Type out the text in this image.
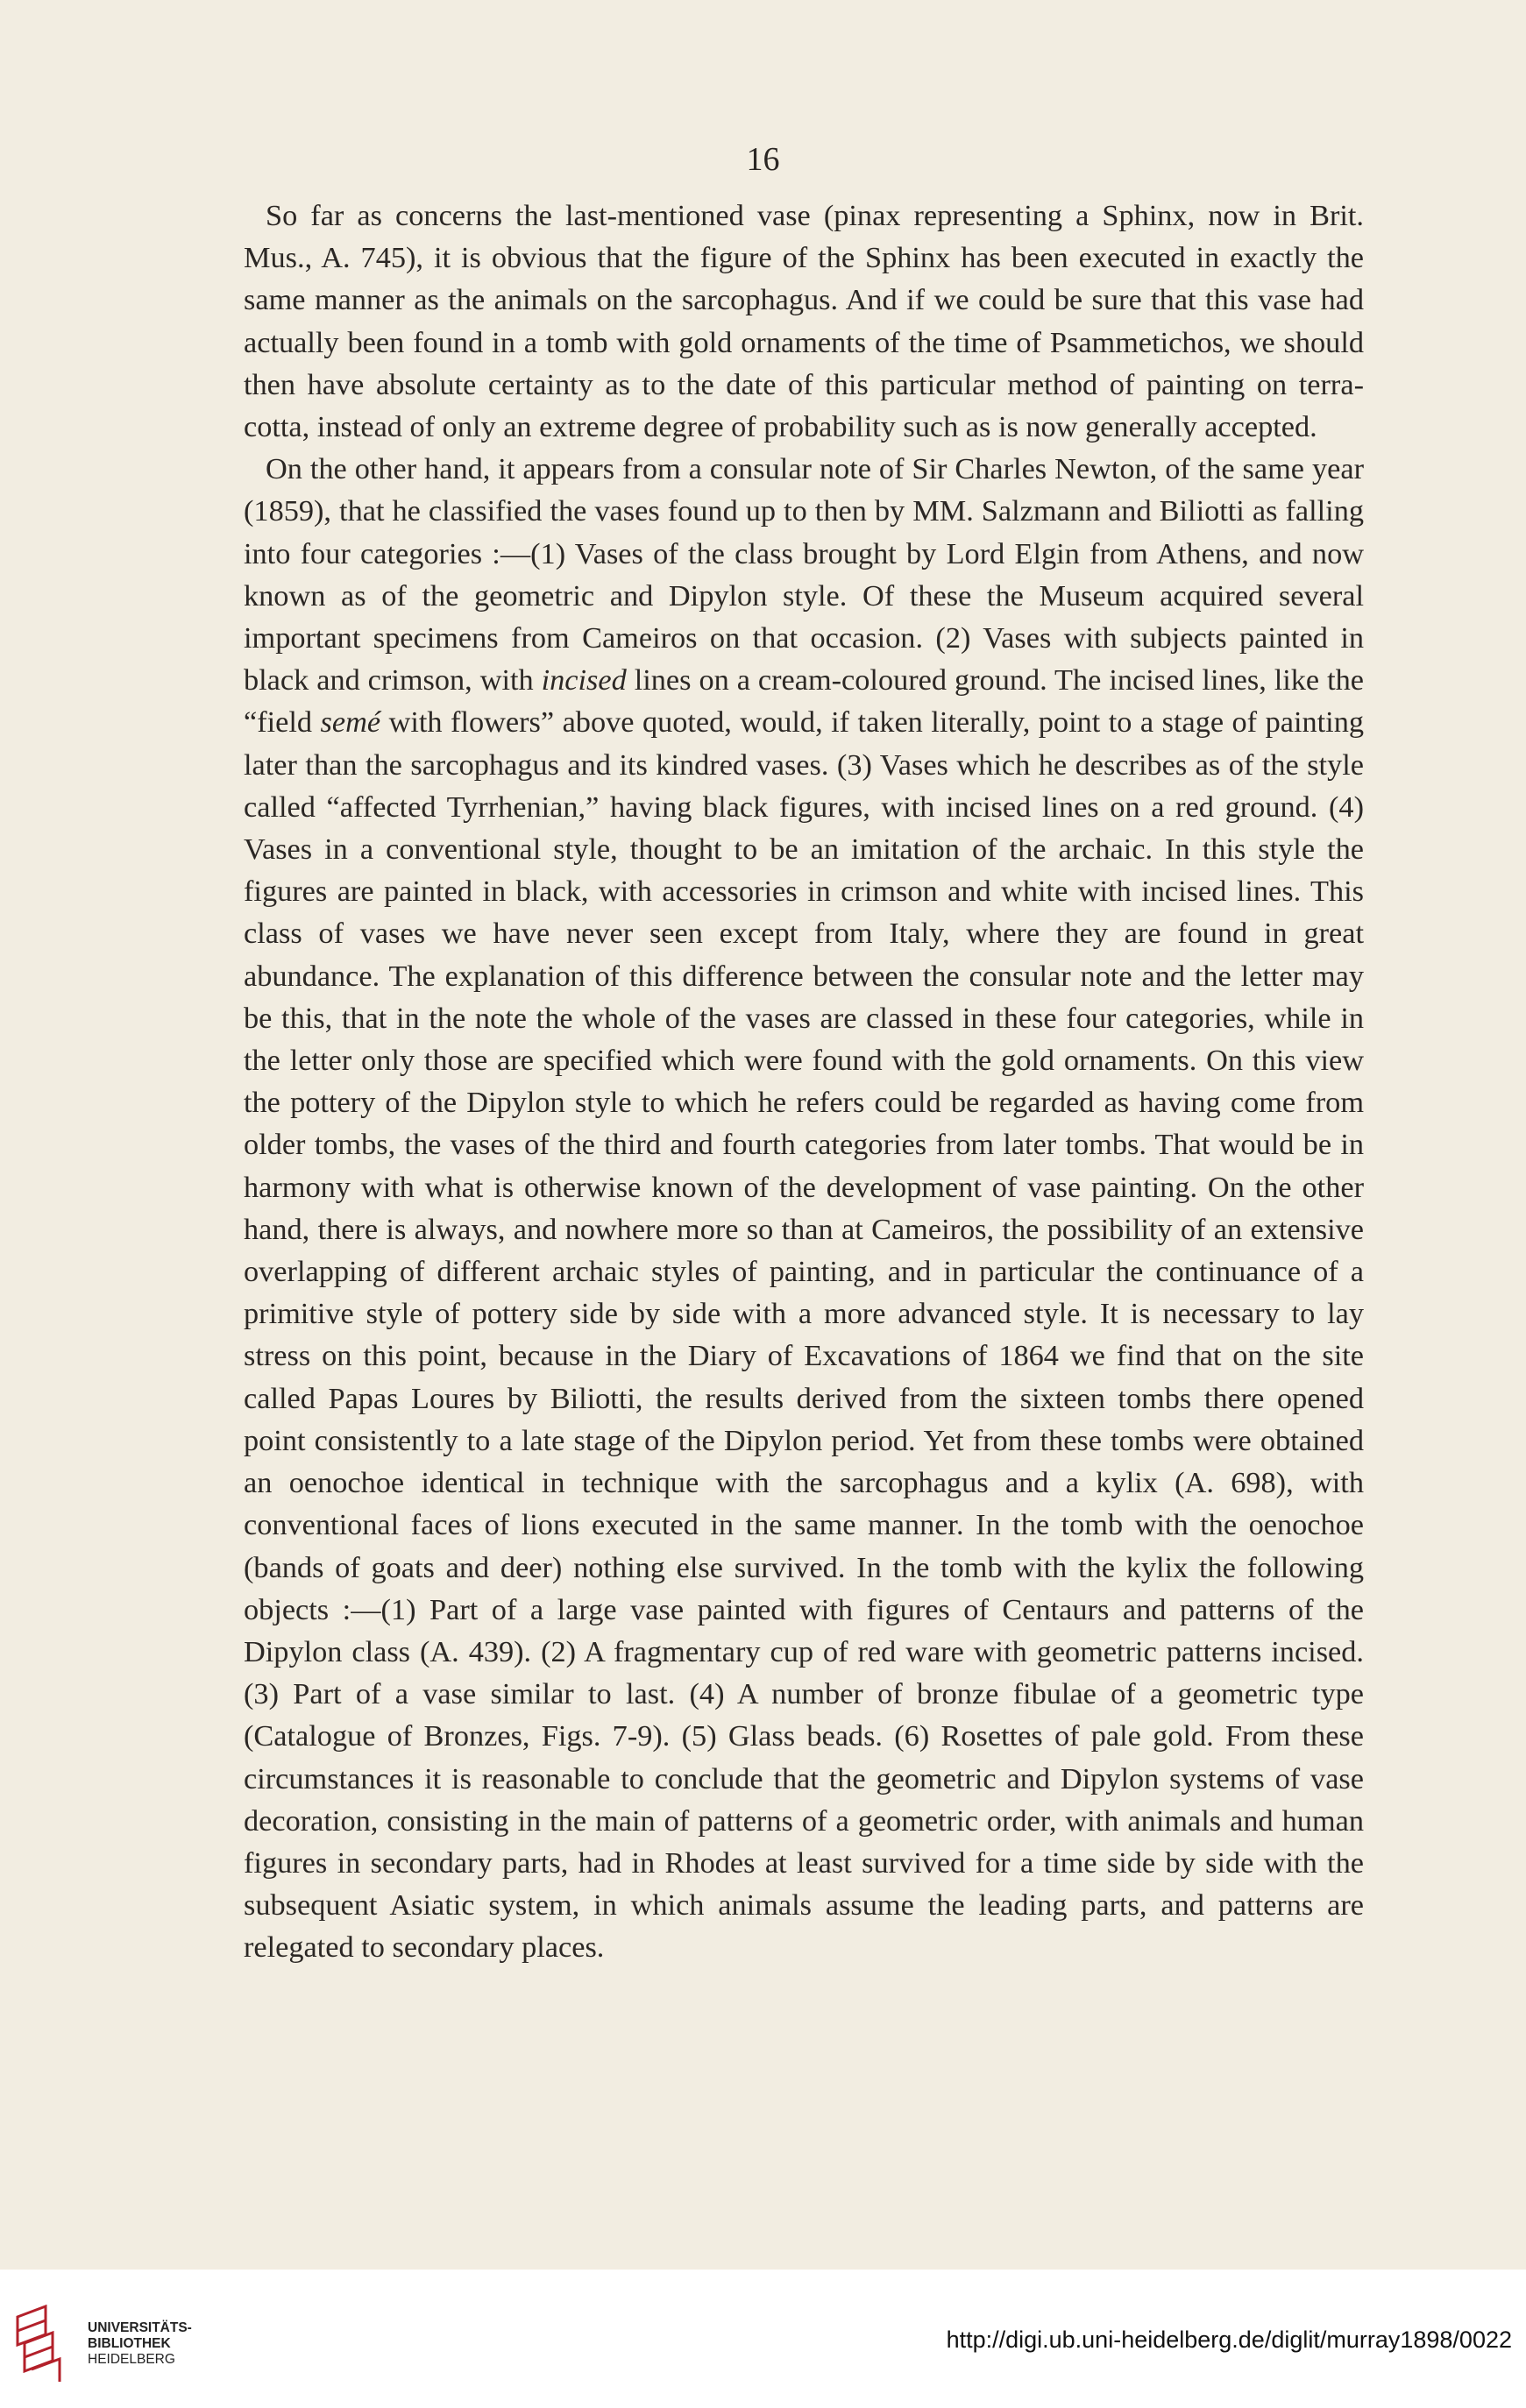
16

So far as concerns the last-mentioned vase (pinax representing a Sphinx, now in Brit. Mus., A. 745), it is obvious that the figure of the Sphinx has been executed in exactly the same manner as the animals on the sarcophagus. And if we could be sure that this vase had actually been found in a tomb with gold ornaments of the time of Psammetichos, we should then have absolute certainty as to the date of this particular method of painting on terra-cotta, instead of only an extreme degree of probability such as is now generally accepted.

On the other hand, it appears from a consular note of Sir Charles Newton, of the same year (1859), that he classified the vases found up to then by MM. Salzmann and Biliotti as falling into four categories :—(1) Vases of the class brought by Lord Elgin from Athens, and now known as of the geometric and Dipylon style. Of these the Museum acquired several important specimens from Cameiros on that occasion. (2) Vases with subjects painted in black and crimson, with incised lines on a cream-coloured ground. The incised lines, like the “field semé with flowers” above quoted, would, if taken literally, point to a stage of painting later than the sarcophagus and its kindred vases. (3) Vases which he describes as of the style called “affected Tyrrhenian,” having black figures, with incised lines on a red ground. (4) Vases in a conventional style, thought to be an imitation of the archaic. In this style the figures are painted in black, with accessories in crimson and white with incised lines. This class of vases we have never seen except from Italy, where they are found in great abundance. The explanation of this difference between the consular note and the letter may be this, that in the note the whole of the vases are classed in these four categories, while in the letter only those are specified which were found with the gold ornaments. On this view the pottery of the Dipylon style to which he refers could be regarded as having come from older tombs, the vases of the third and fourth categories from later tombs. That would be in harmony with what is otherwise known of the development of vase painting. On the other hand, there is always, and nowhere more so than at Cameiros, the possibility of an extensive overlapping of different archaic styles of painting, and in particular the continuance of a primitive style of pottery side by side with a more advanced style. It is necessary to lay stress on this point, because in the Diary of Excavations of 1864 we find that on the site called Papas Loures by Biliotti, the results derived from the sixteen tombs there opened point consistently to a late stage of the Dipylon period. Yet from these tombs were obtained an oenochoe identical in technique with the sarcophagus and a kylix (A. 698), with conventional faces of lions executed in the same manner. In the tomb with the oenochoe (bands of goats and deer) nothing else survived. In the tomb with the kylix the following objects :—(1) Part of a large vase painted with figures of Centaurs and patterns of the Dipylon class (A. 439). (2) A fragmentary cup of red ware with geometric patterns incised. (3) Part of a vase similar to last. (4) A number of bronze fibulae of a geometric type (Catalogue of Bronzes, Figs. 7-9). (5) Glass beads. (6) Rosettes of pale gold. From these circumstances it is reasonable to conclude that the geometric and Dipylon systems of vase decoration, consisting in the main of patterns of a geometric order, with animals and human figures in secondary parts, had in Rhodes at least survived for a time side by side with the subsequent Asiatic system, in which animals assume the leading parts, and patterns are relegated to secondary places.

UNIVERSITÄTS-
BIBLIOTHEK
HEIDELBERG
http://digi.ub.uni-heidelberg.de/diglit/murray1898/0022
